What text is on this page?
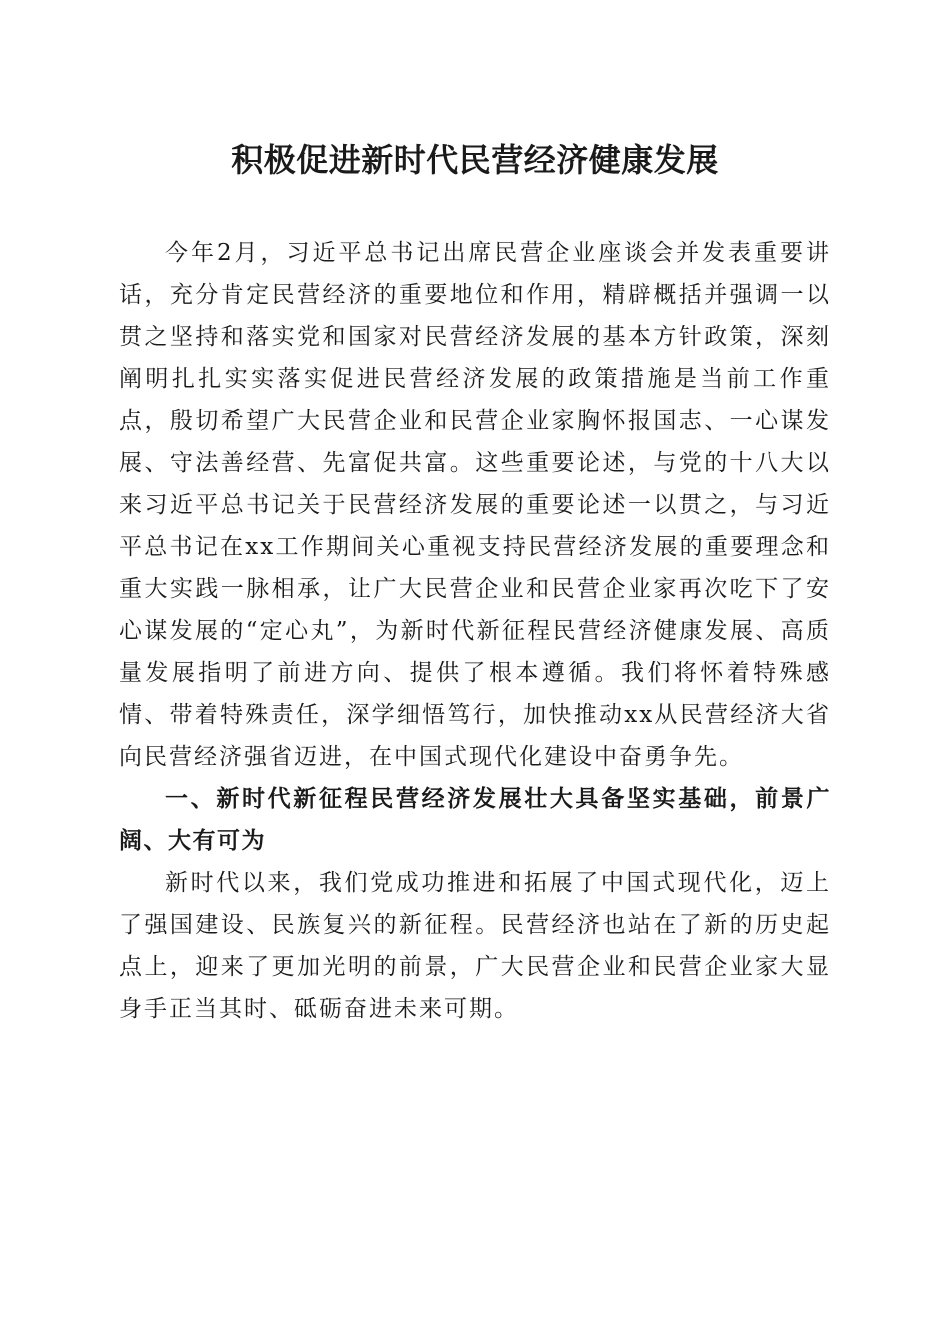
积极促进新时代民营经济健康发展

今年2月，习近平总书记出席民营企业座谈会并发表重要讲话，充分肯定民营经济的重要地位和作用，精辟概括并强调一以贯之坚持和落实党和国家对民营经济发展的基本方针政策，深刻阐明扎扎实实落实促进民营经济发展的政策措施是当前工作重点，殷切希望广大民营企业和民营企业家胸怀报国志、一心谋发展、守法善经营、先富促共富。这些重要论述，与党的十八大以来习近平总书记关于民营经济发展的重要论述一以贯之，与习近平总书记在xx工作期间关心重视支持民营经济发展的重要理念和重大实践一脉相承，让广大民营企业和民营企业家再次吃下了安心谋发展的“定心丸”，为新时代新征程民营经济健康发展、高质量发展指明了前进方向、提供了根本遵循。我们将怀着特殊感情、带着特殊责任，深学细悟笃行，加快推动xx从民营经济大省向民营经济强省迈进，在中国式现代化建设中奋勇争先。

一、新时代新征程民营经济发展壮大具备坚实基础，前景广阔、大有可为

新时代以来，我们党成功推进和拓展了中国式现代化，迈上了强国建设、民族复兴的新征程。民营经济也站在了新的历史起点上，迎来了更加光明的前景，广大民营企业和民营企业家大显身手正当其时、砥砺奋进未来可期。
